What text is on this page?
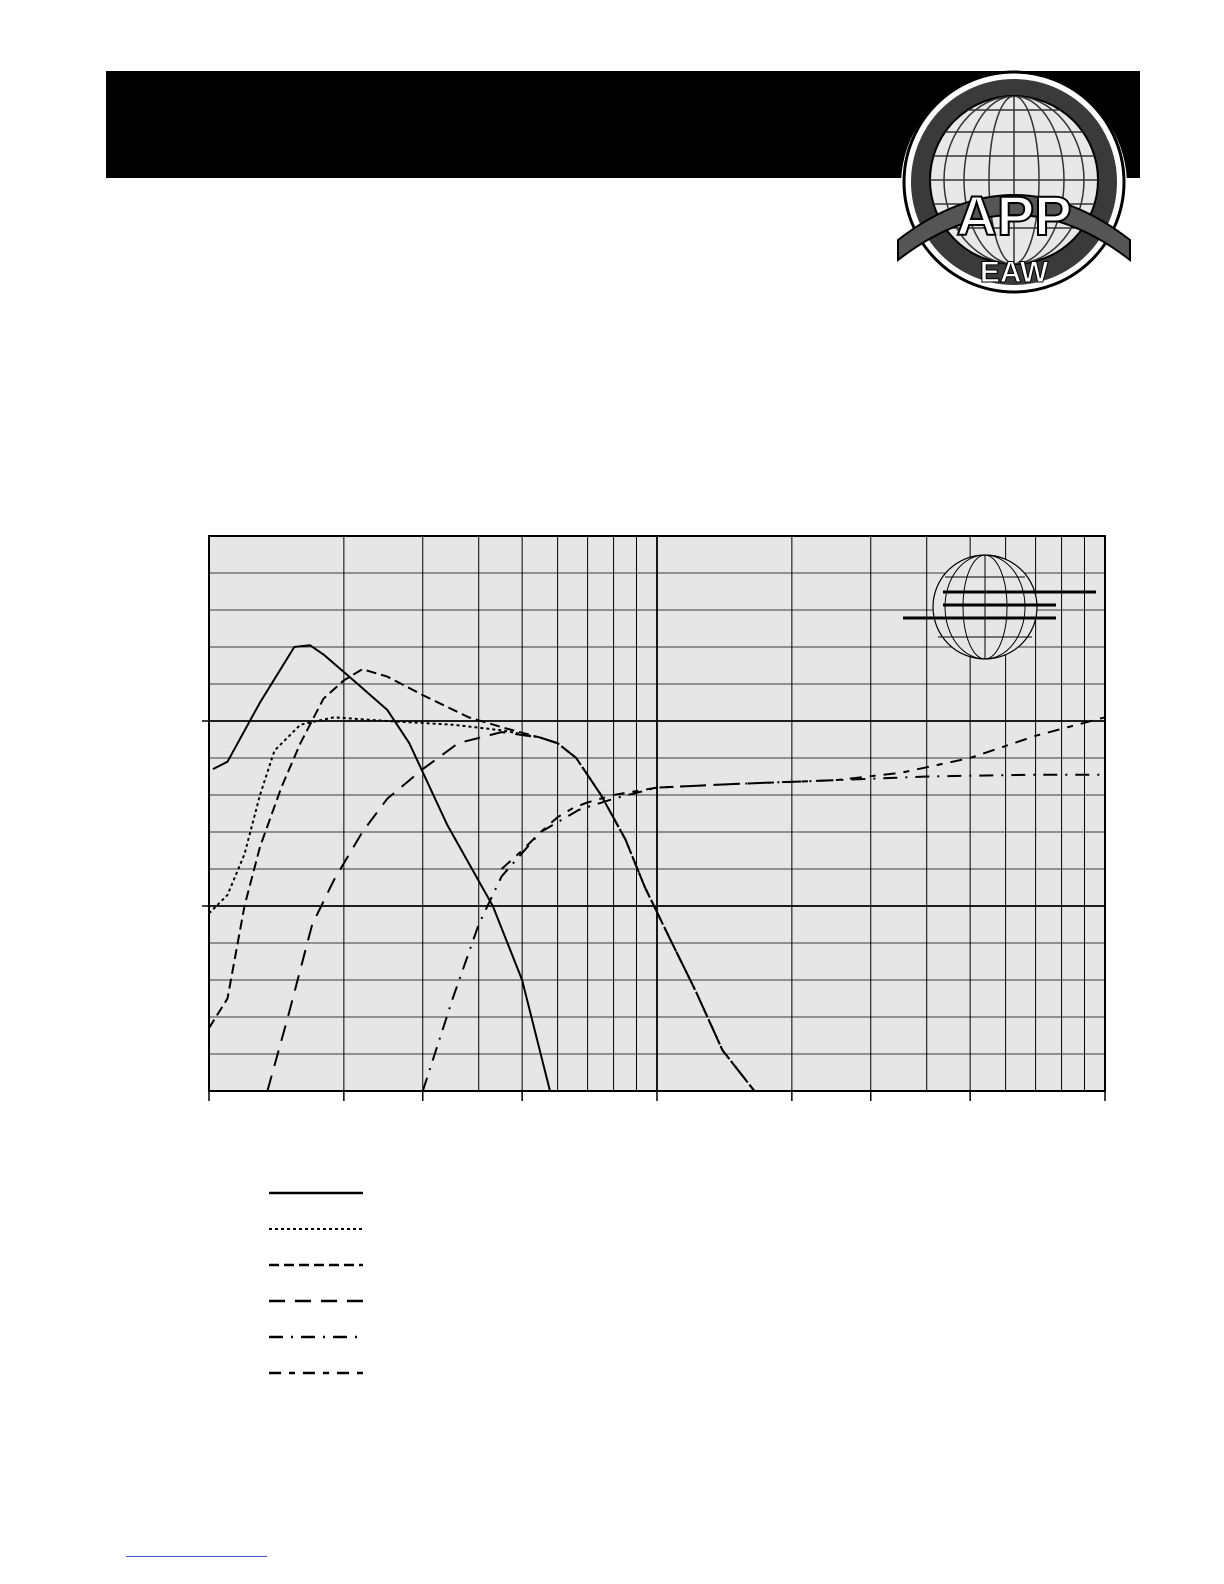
APP
EAW
